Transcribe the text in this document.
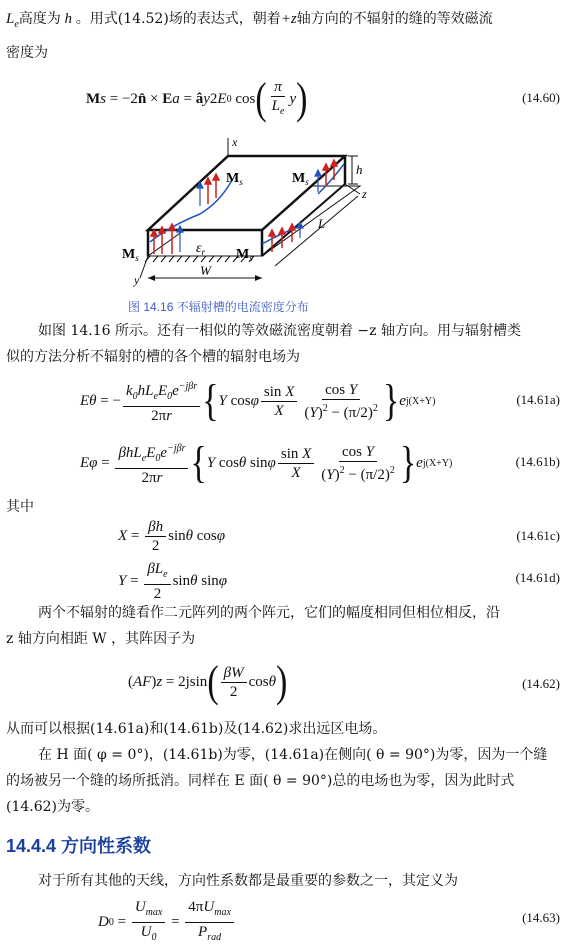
$L_e$高度为 h 。用式(14.52)场的表达式，朝着+z轴方向的不辐射的缝的等效磁流
密度为
M s = −2 n̂ × E a = â y 2 E 0 cos ( $\frac{\pi}{L_e}$ y )	(14.60)
x
y
z
h
L
W
$\varepsilon_r$
$M_s$	$M_s$
$M_s$	$M_s$
图 14.16 不辐射槽的电流密度分布
如图 14.16 所示。还有一相似的等效磁流密度朝着 −z 轴方向。用与辐射槽类
似的方法分析不辐射的槽的各个槽的辐射电场为
E θ = − $\frac{k_0hL_eE_0e^{-j\beta r}}{2\pi r}$ { Y cos φ $\frac{\text{sin X}}{X} \frac{\text{cos Y}}{(Y)^2 - (\pi/2)^2}$ } e j(X+Y)	(14.61a)
E $\varphi = \frac{\beta hL_eE_0e^{-j\beta r}}{2\pi r}$ { Y cos θ sin φ $\frac{\text{sin X}}{X} \frac{\text{cos Y}}{(Y)^2 - (\pi/2)^2}$ } e j(X+Y)	(14.61b)
其中
$X = \frac{\beta h}{2}$ sin θ cos φ	(14.61c)
$Y = \frac{\beta L_e}{2}$ sin θ sin φ	(14.61d)
两个不辐射的缝看作二元阵列的两个阵元，它们的幅度相同但相位相反，沿
z 轴方向相距 W ，其阵因子为
( AF ) z = 2jsin ( $\frac{\beta W}{2}$ cos θ )	(14.62)
从而可以根据(14.61a)和(14.61b)及(14.62)求出远区电场。
在 H 面( φ = 0°)，(14.61b)为零，(14.61a)在侧向( θ = 90°)为零，因为一个缝
的场被另一个缝的场所抵消。同样在 E 面( θ = 90°)总的电场也为零，因为此时式
(14.62)为零。
14.4.4 方向性系数
对于所有其他的天线，方向性系数都是最重要的参数之一，其定义为
D $0 = \frac{U_{max}}{U_0} = \frac{4\pi U_{max}}{P_{rad}}$	(14.63)
